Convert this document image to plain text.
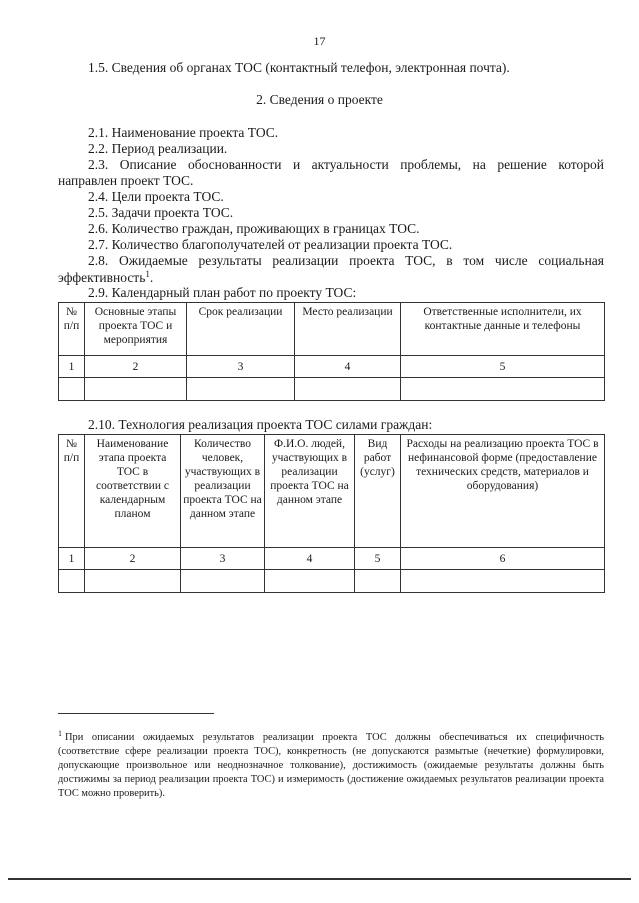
17
1.5. Сведения об органах ТОС (контактный телефон, электронная почта).
2. Сведения о проекте
2.1. Наименование проекта ТОС.
2.2. Период реализации.
2.3. Описание обоснованности и актуальности проблемы, на решение которой
направлен проект ТОС.
2.4. Цели проекта ТОС.
2.5. Задачи проекта ТОС.
2.6. Количество граждан, проживающих в границах ТОС.
2.7. Количество благополучателей от реализации проекта ТОС.
2.8. Ожидаемые результаты реализации проекта ТОС, в том числе социальная
эффективность$^1$.
2.9. Календарный план работ по проекту ТОС:
№ п/п	Основные этапы проекта ТОС и мероприятия	Срок реализации	Место реализации	Ответственные исполнители, их контактные данные и телефоны
1	2	3	4	5

2.10. Технология реализация проекта ТОС силами граждан:
№ п/п	Наименование этапа проекта ТОС в соответствии с календарным планом	Количество человек, участвующих в реализации проекта ТОС на данном этапе	Ф.И.О. людей, участвующих в реализации проекта ТОС на данном этапе	Вид работ (услуг)	Расходы на реализацию проекта ТОС в нефинансовой форме (предоставление технических средств, материалов и оборудования)
1	2	3	4	5	6

$^1$ При описании ожидаемых результатов реализации проекта ТОС должны обеспечиваться их специфичность (соответствие сфере реализации проекта ТОС), конкретность (не допускаются размытые (нечеткие) формулировки, допускающие произвольное или неоднозначное толкование), достижимость (ожидаемые результаты должны быть достижимы за период реализации проекта ТОС) и измеримость (достижение ожидаемых результатов реализации проекта ТОС можно проверить).
